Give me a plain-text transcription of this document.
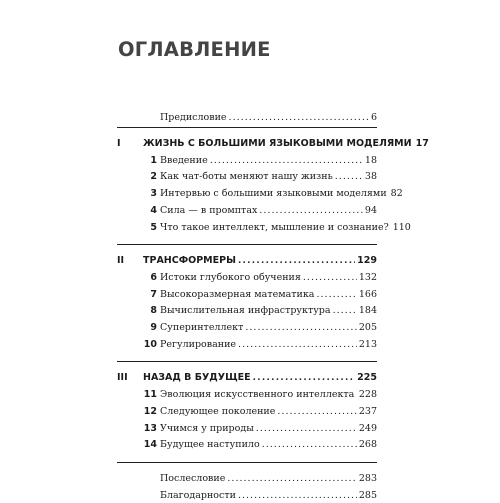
ОГЛАВЛЕНИЕ
Предисловие . . .	6
I	ЖИЗНЬ С БОЛЬШИМИ ЯЗЫКОВЫМИ МОДЕЛЯМИ 17
1 Введение . . .	18
2 Как чат-боты меняют нашу жизнь . . .	38
3 Интервью с большими языковыми моделями 82
4 Сила — в промптах . . .	94
5 Что такое интеллект, мышление и сознание? 110
II	ТРАНСФОРМЕРЫ . . .	129
6 Истоки глубокого обучения . . .	132
7 Высокоразмерная математика . . .	166
8 Вычислительная инфраструктура . . .	184
9 Суперинтеллект . . .	205
10 Регулирование . . .	213
III	НАЗАД В БУДУЩЕЕ . . .	225
11 Эволюция искусственного интеллекта . . . 228
12 Следующее поколение . . .	237
13 Учимся у природы . . .	249
14 Будущее наступило . . .	268
Послесловие . . .	283
Благодарности . . .	285
